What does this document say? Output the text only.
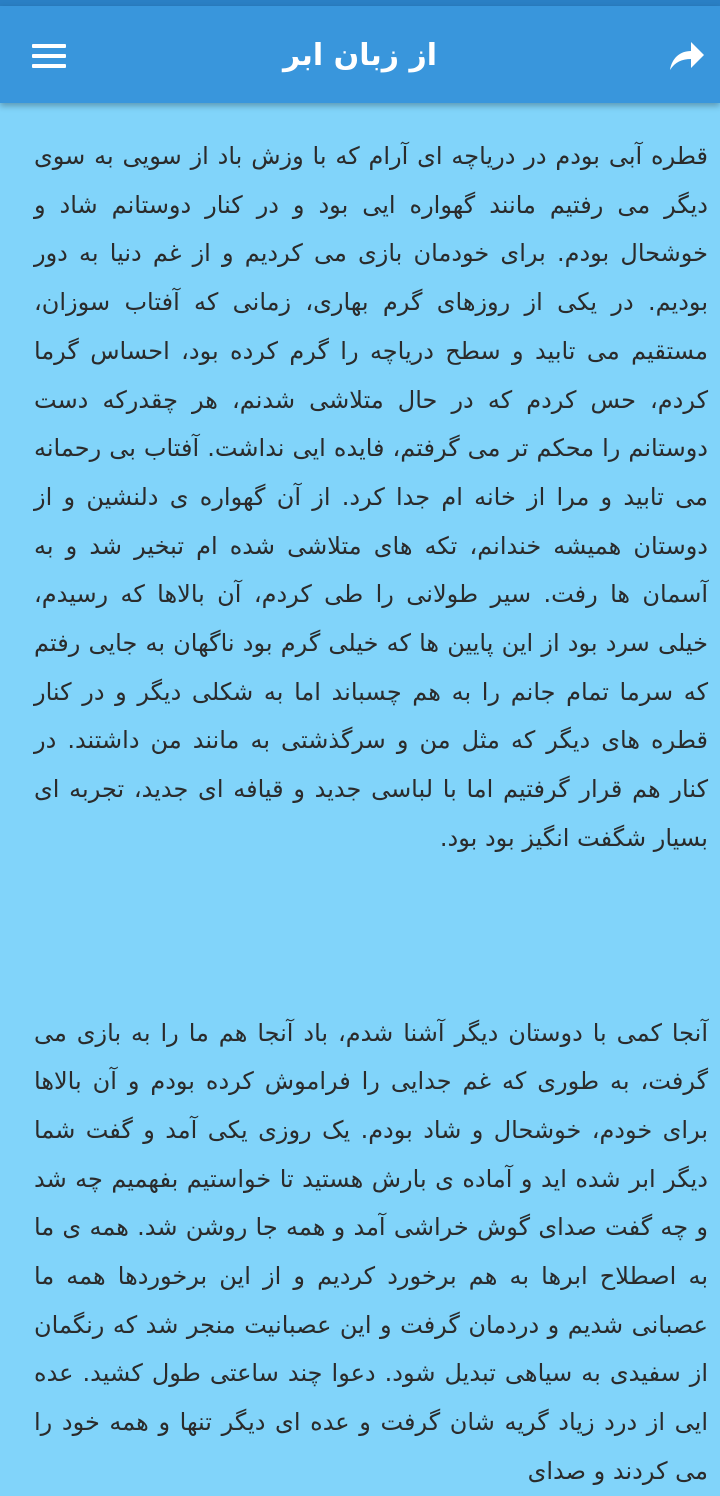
از زبان ابر

قطره آبی بودم در دریاچه ای آرام که با وزش باد از سویی به سوی دیگر می رفتیم مانند گهواره ایی بود و در کنار دوستانم شاد و خوشحال بودم. برای خودمان بازی می کردیم و از غم دنیا به دور بودیم. در یکی از روزهای گرم بهاری، زمانی که آفتاب سوزان، مستقیم می تابید و سطح دریاچه را گرم کرده بود، احساس گرما کردم، حس کردم که در حال متلاشی شدنم، هر چقدرکه دست دوستانم را محکم تر می گرفتم، فایده ایی نداشت. آفتاب بی رحمانه می تابید و مرا از خانه ام جدا کرد. از آن گهواره ی دلنشین و از دوستان همیشه خندانم، تکه های متلاشی شده ام تبخیر شد و به آسمان ها رفت. سیر طولانی را طی کردم، آن بالاها که رسیدم، خیلی سرد بود از این پایین ها که خیلی گرم بود ناگهان به جایی رفتم که سرما تمام جانم را به هم چسباند اما به شکلی دیگر و در کنار قطره های دیگر که مثل من و سرگذشتی به مانند من داشتند. در کنار هم قرار گرفتیم اما با لباسی جدید و قیافه ای جدید، تجربه ای بسیار شگفت انگیز بود بود.

آنجا کمی با دوستان دیگر آشنا شدم، باد آنجا هم ما را به بازی می گرفت، به طوری که غم جدایی را فراموش کرده بودم و آن بالاها برای خودم، خوشحال و شاد بودم. یک روزی یکی آمد و گفت شما دیگر ابر شده اید و آماده ی بارش هستید تا خواستیم بفهمیم چه شد و چه گفت صدای گوش خراشی آمد و همه جا روشن شد. همه ی ما به اصطلاح ابرها به هم برخورد کردیم و از این برخوردها همه ما عصبانی شدیم و دردمان گرفت و این عصبانیت منجر شد که رنگمان از سفیدی به سیاهی تبدیل شود. دعوا چند ساعتی طول کشید. عده ایی از درد زیاد گریه شان گرفت و عده ای دیگر تنها و همه خود را می کردند و صدای
